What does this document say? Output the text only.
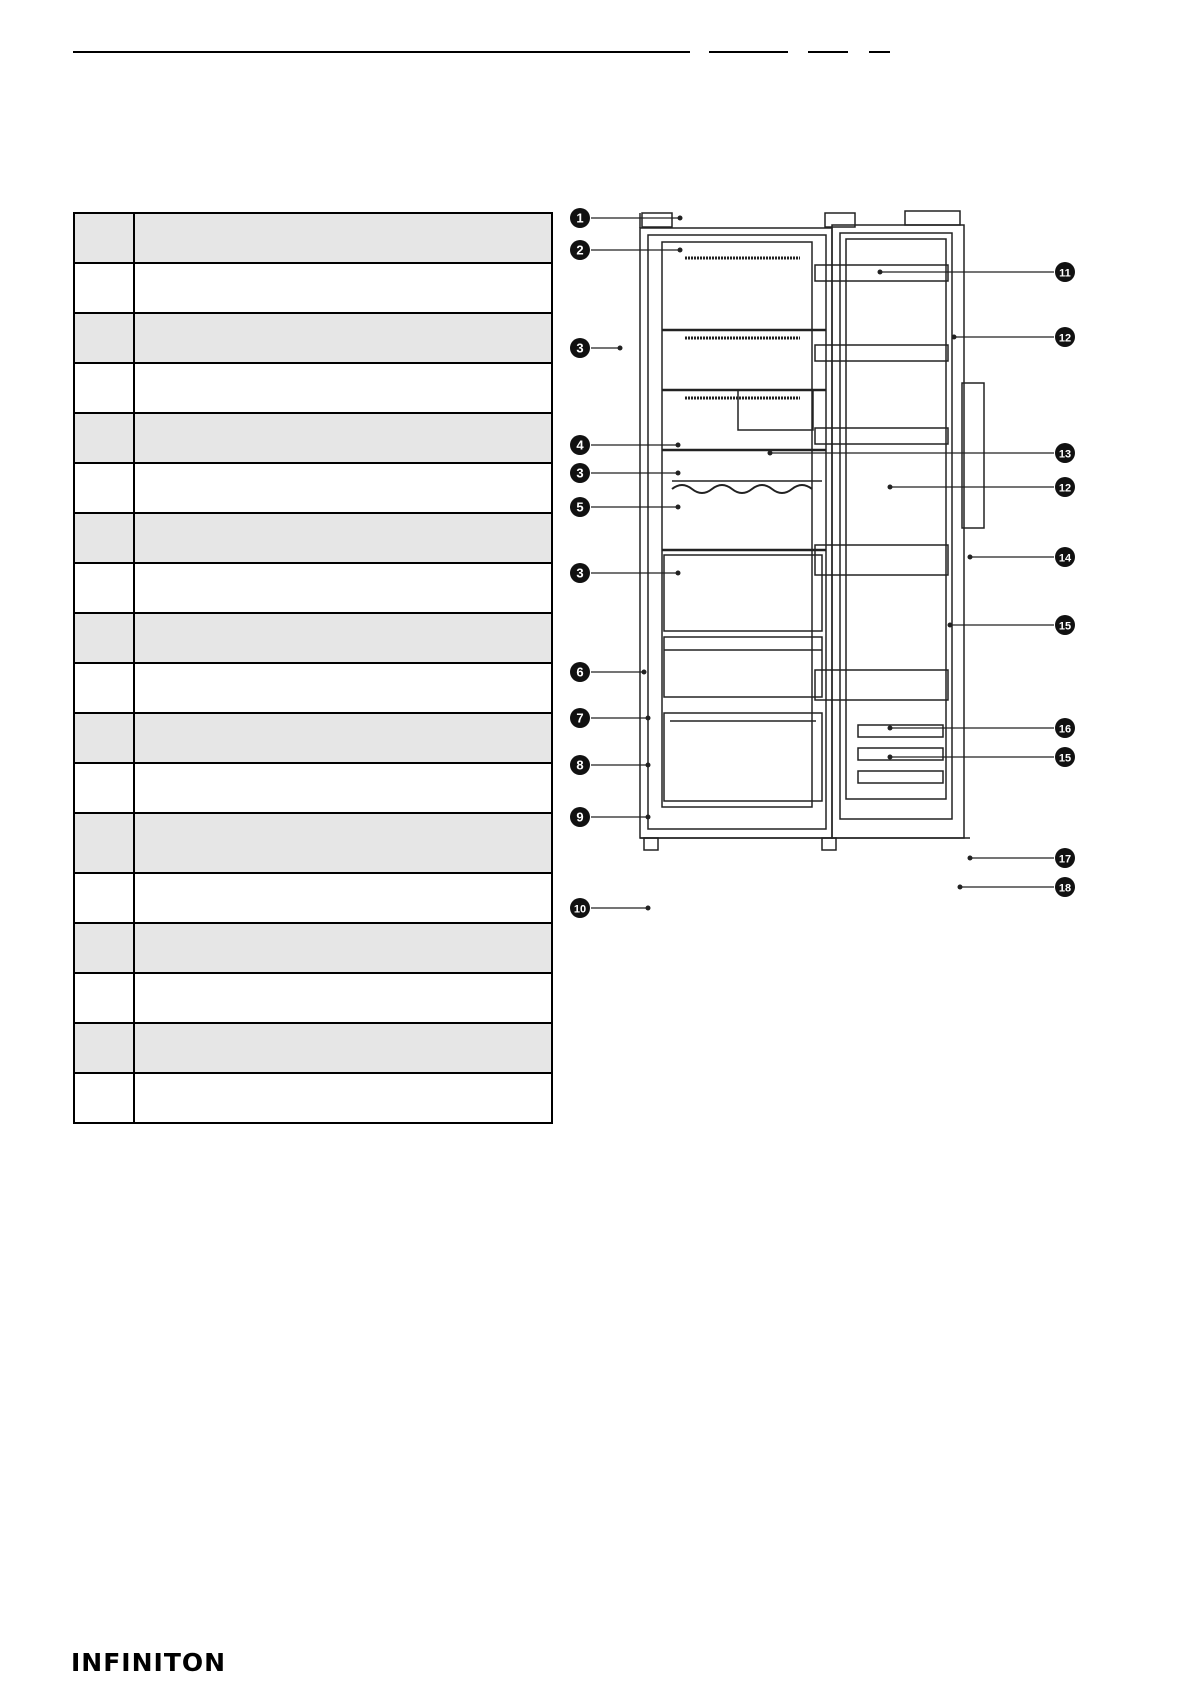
1
2
3
4
3
5
3
6
7
8
9
10
11
12
13
12
14
15
16
15
17
18
INFINITON
